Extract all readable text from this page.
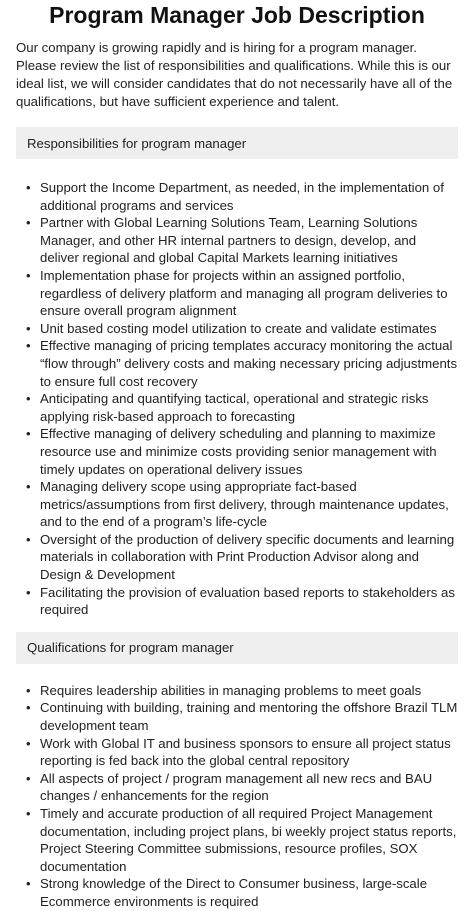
Program Manager Job Description

Our company is growing rapidly and is hiring for a program manager. Please review the list of responsibilities and qualifications. While this is our ideal list, we will consider candidates that do not necessarily have all of the qualifications, but have sufficient experience and talent.

Responsibilities for program manager
• Support the Income Department, as needed, in the implementation of additional programs and services
• Partner with Global Learning Solutions Team, Learning Solutions Manager, and other HR internal partners to design, develop, and deliver regional and global Capital Markets learning initiatives
• Implementation phase for projects within an assigned portfolio, regardless of delivery platform and managing all program deliveries to ensure overall program alignment
• Unit based costing model utilization to create and validate estimates
• Effective managing of pricing templates accuracy monitoring the actual “flow through” delivery costs and making necessary pricing adjustments to ensure full cost recovery
• Anticipating and quantifying tactical, operational and strategic risks applying risk-based approach to forecasting
• Effective managing of delivery scheduling and planning to maximize resource use and minimize costs providing senior management with timely updates on operational delivery issues
• Managing delivery scope using appropriate fact-based metrics/assumptions from first delivery, through maintenance updates, and to the end of a program’s life-cycle
• Oversight of the production of delivery specific documents and learning materials in collaboration with Print Production Advisor along and Design & Development
• Facilitating the provision of evaluation based reports to stakeholders as required
Qualifications for program manager
• Requires leadership abilities in managing problems to meet goals
• Continuing with building, training and mentoring the offshore Brazil TLM development team
• Work with Global IT and business sponsors to ensure all project status reporting is fed back into the global central repository
• All aspects of project / program management all new recs and BAU changes / enhancements for the region
• Timely and accurate production of all required Project Management documentation, including project plans, bi weekly project status reports, Project Steering Committee submissions, resource profiles, SOX documentation
• Strong knowledge of the Direct to Consumer business, large-scale Ecommerce environments is required
